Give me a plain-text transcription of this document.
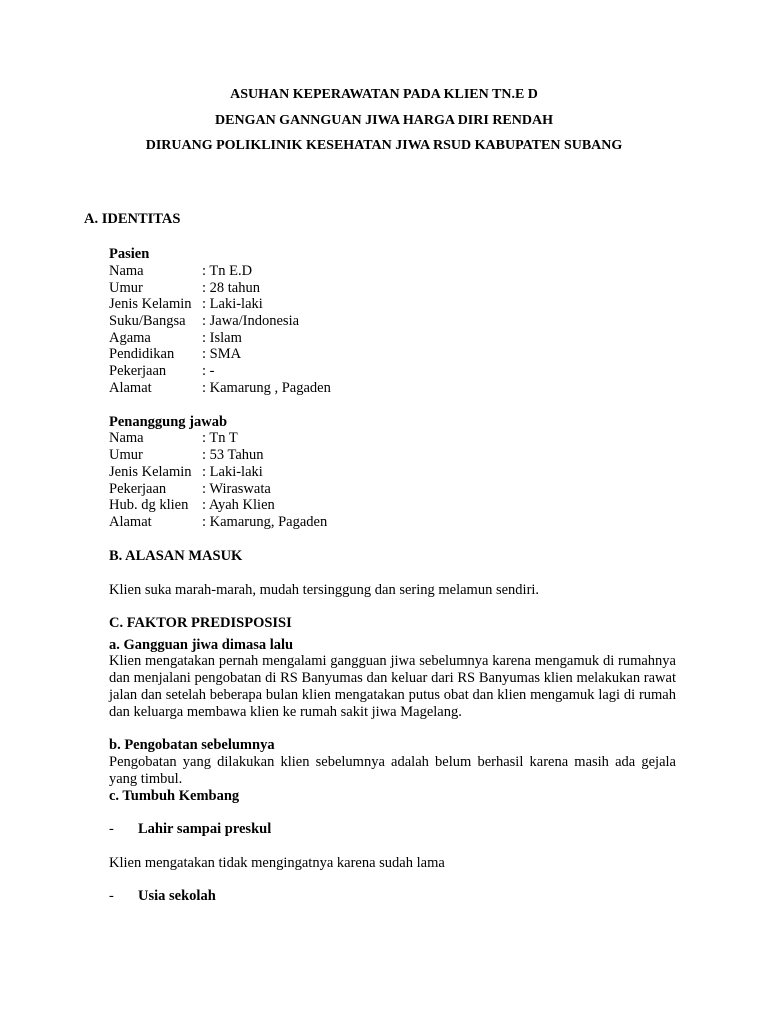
ASUHAN KEPERAWATAN PADA KLIEN TN.E D
DENGAN GANNGUAN JIWA HARGA DIRI RENDAH
DIRUANG POLIKLINIK KESEHATAN JIWA RSUD KABUPATEN SUBANG
A. IDENTITAS
Pasien
Nama	: Tn E.D
Umur	: 28 tahun
Jenis Kelamin : Laki-laki
Suku/Bangsa : Jawa/Indonesia
Agama	: Islam
Pendidikan : SMA
Pekerjaan : -
Alamat	: Kamarung , Pagaden
Penanggung jawab
Nama	: Tn T
Umur	: 53 Tahun
Jenis Kelamin : Laki-laki
Pekerjaan : Wiraswata
Hub. dg klien : Ayah Klien
Alamat	: Kamarung, Pagaden
B. ALASAN MASUK
Klien suka marah-marah, mudah tersinggung dan sering melamun sendiri.
C. FAKTOR PREDISPOSISI
a. Gangguan jiwa dimasa lalu
Klien mengatakan pernah mengalami gangguan jiwa sebelumnya karena mengamuk di rumahnya dan menjalani pengobatan di RS Banyumas dan keluar dari RS Banyumas klien melakukan rawat jalan dan setelah beberapa bulan klien mengatakan putus obat dan klien mengamuk lagi di rumah dan keluarga membawa klien ke rumah sakit jiwa Magelang.
b. Pengobatan sebelumnya
Pengobatan yang dilakukan klien sebelumnya adalah belum berhasil karena masih ada gejala yang timbul.
c. Tumbuh Kembang
- Lahir sampai preskul
Klien mengatakan tidak mengingatnya karena sudah lama
- Usia sekolah
